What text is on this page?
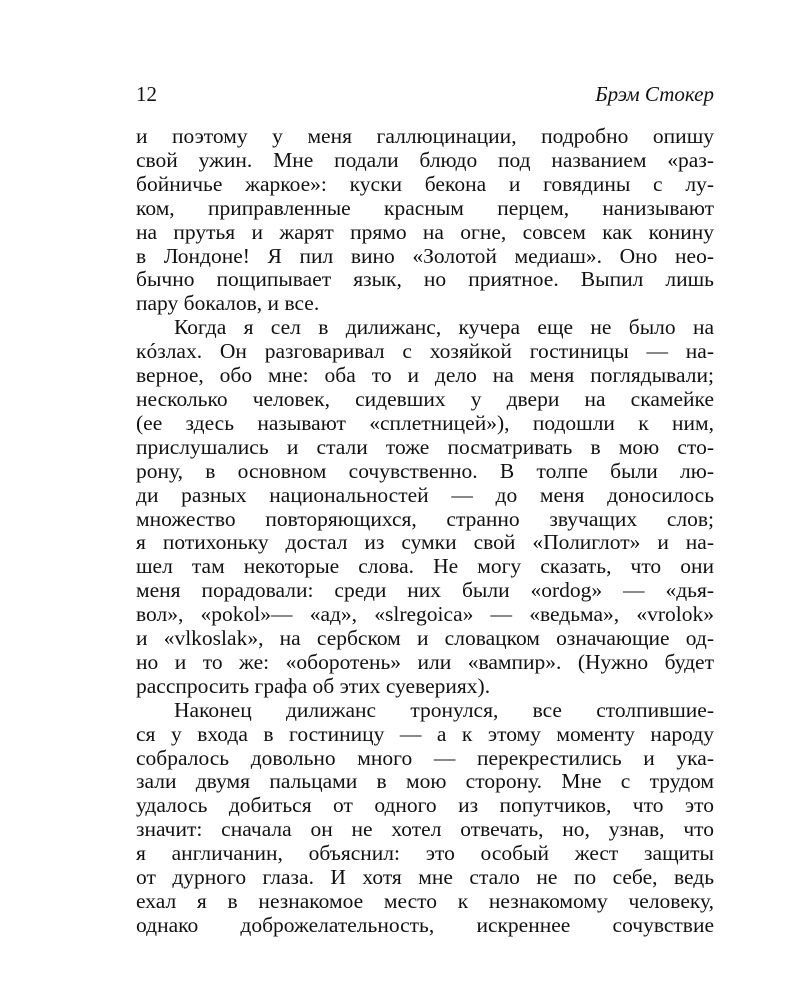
12	Брэм Стокер
и поэтому у меня галлюцинации, подробно опишу
свой ужин. Мне подали блюдо под названием «раз-
бойничье жаркое»: куски бекона и говядины с лу-
ком, приправленные красным перцем, нанизывают
на прутья и жарят прямо на огне, совсем как конину
в Лондоне! Я пил вино «Золотой медиаш». Оно нео-
бычно пощипывает язык, но приятное. Выпил лишь
пару бокалов, и все.
Когда я сел в дилижанс, кучера еще не было на
кóзлах. Он разговаривал с хозяйкой гостиницы — на-
верное, обо мне: оба то и дело на меня поглядывали;
несколько человек, сидевших у двери на скамейке
(ее здесь называют «сплетницей»), подошли к ним,
прислушались и стали тоже посматривать в мою сто-
рону, в основном сочувственно. В толпе были лю-
ди разных национальностей — до меня доносилось
множество повторяющихся, странно звучащих слов;
я потихоньку достал из сумки свой «Полиглот» и на-
шел там некоторые слова. Не могу сказать, что они
меня порадовали: среди них были «ordog» — «дья-
вол», «pokol»— «ад», «slregoica» — «ведьма», «vrolok»
и «vlkoslak», на сербском и словацком означающие од-
но и то же: «оборотень» или «вампир». (Нужно будет
расспросить графа об этих суевериях).
Наконец дилижанс тронулся, все столпившие-
ся у входа в гостиницу — а к этому моменту народу
собралось довольно много — перекрестились и ука-
зали двумя пальцами в мою сторону. Мне с трудом
удалось добиться от одного из попутчиков, что это
значит: сначала он не хотел отвечать, но, узнав, что
я англичанин, объяснил: это особый жест защиты
от дурного глаза. И хотя мне стало не по себе, ведь
ехал я в незнакомое место к незнакомому человеку,
однако доброжелательность, искреннее сочувствие
